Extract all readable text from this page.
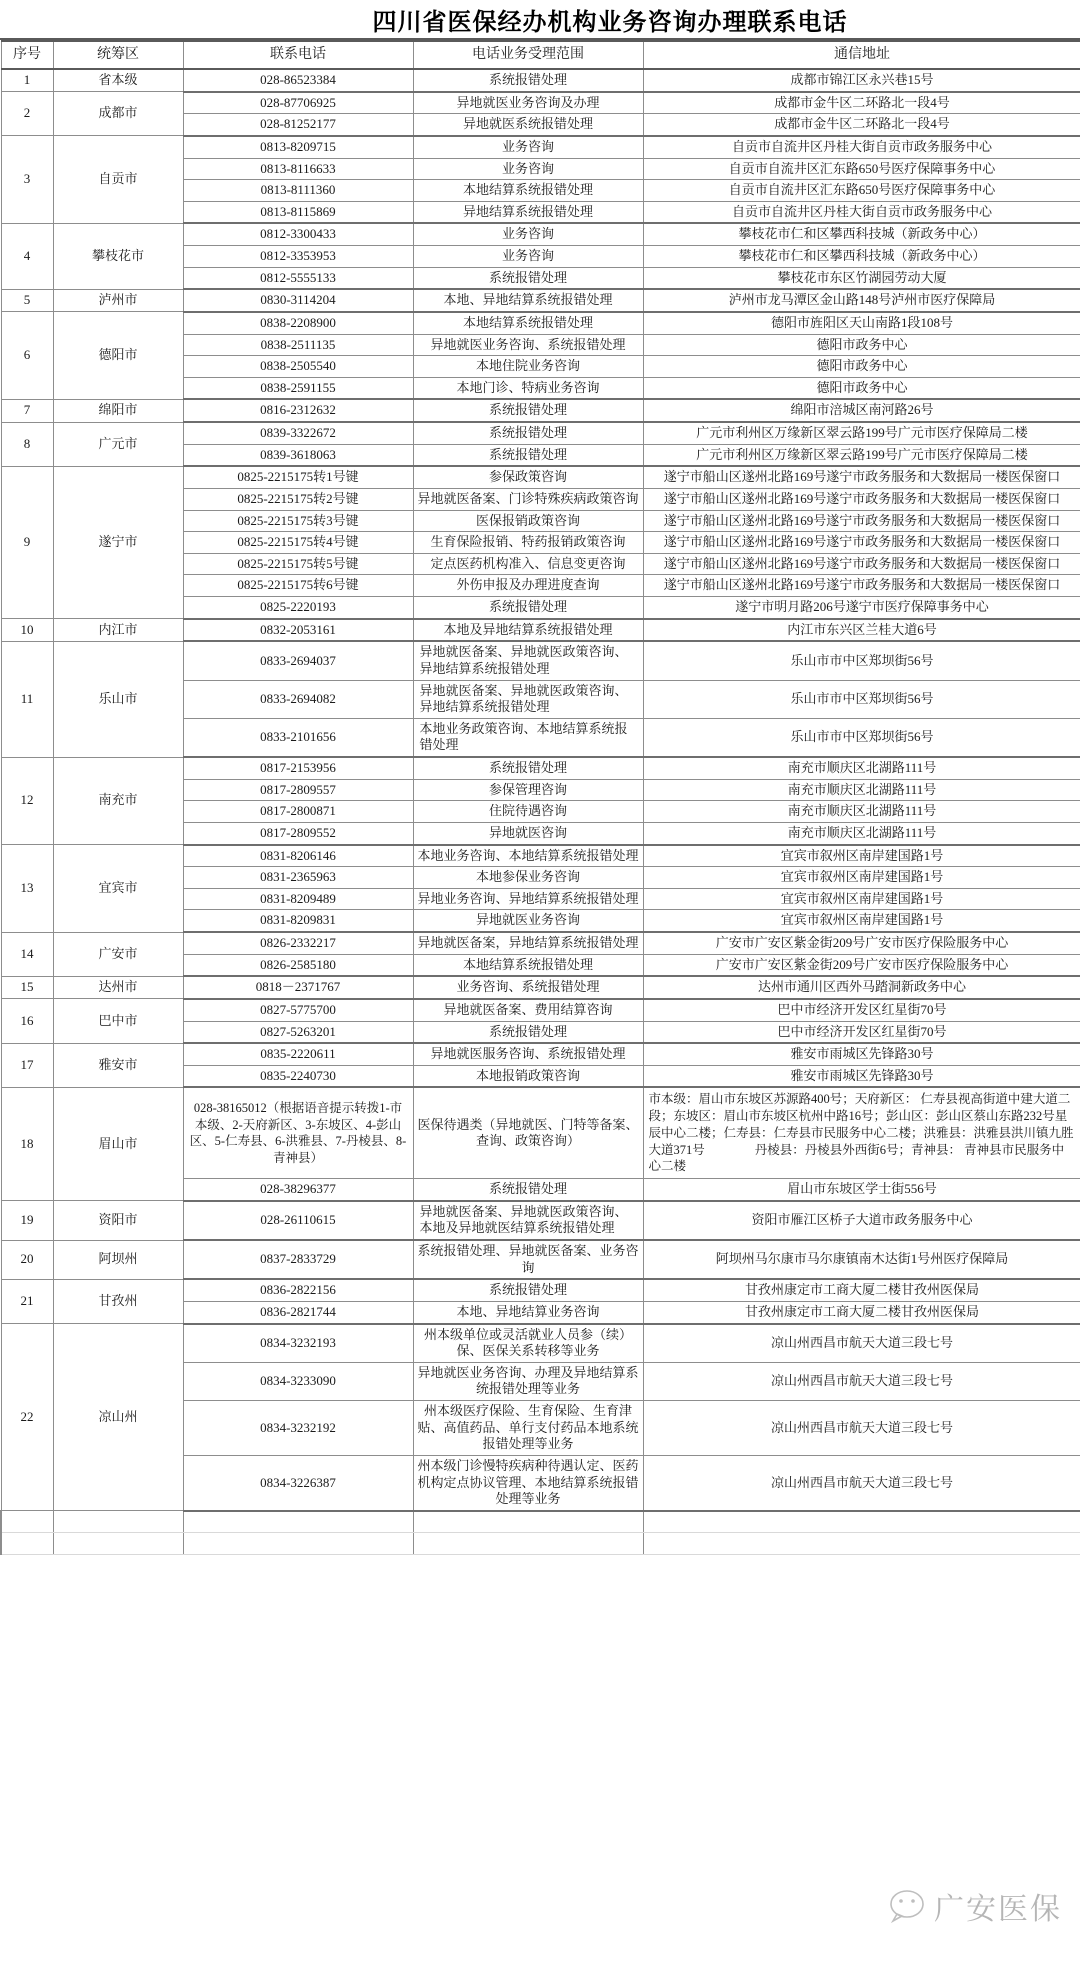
四川省医保经办机构业务咨询办理联系电话
序号	统筹区	联系电话	电话业务受理范围	通信地址
1	省本级	028-86523384	系统报错处理	成都市锦江区永兴巷15号
2	成都市	028-87706925	异地就医业务咨询及办理	成都市金牛区二环路北一段4号
		028-81252177	异地就医系统报错处理	成都市金牛区二环路北一段4号
3	自贡市	0813-8209715	业务咨询	自贡市自流井区丹桂大街自贡市政务服务中心
		0813-8116633	业务咨询	自贡市自流井区汇东路650号医疗保障事务中心
		0813-8111360	本地结算系统报错处理	自贡市自流井区汇东路650号医疗保障事务中心
		0813-8115869	异地结算系统报错处理	自贡市自流井区丹桂大街自贡市政务服务中心
4	攀枝花市	0812-3300433	业务咨询	攀枝花市仁和区攀西科技城（新政务中心）
		0812-3353953	业务咨询	攀枝花市仁和区攀西科技城（新政务中心）
		0812-5555133	系统报错处理	攀枝花市东区竹湖园劳动大厦
5	泸州市	0830-3114204	本地、异地结算系统报错处理	泸州市龙马潭区金山路148号泸州市医疗保障局
6	德阳市	0838-2208900	本地结算系统报错处理	德阳市旌阳区天山南路1段108号
		0838-2511135	异地就医业务咨询、系统报错处理	德阳市政务中心
		0838-2505540	本地住院业务咨询	德阳市政务中心
		0838-2591155	本地门诊、特病业务咨询	德阳市政务中心
7	绵阳市	0816-2312632	系统报错处理	绵阳市涪城区南河路26号
8	广元市	0839-3322672	系统报错处理	广元市利州区万缘新区翠云路199号广元市医疗保障局二楼
		0839-3618063	系统报错处理	广元市利州区万缘新区翠云路199号广元市医疗保障局二楼
9	遂宁市	0825-2215175转1号键	参保政策咨询	遂宁市船山区遂州北路169号遂宁市政务服务和大数据局一楼医保窗口
		0825-2215175转2号键	异地就医备案、门诊特殊疾病政策咨询	遂宁市船山区遂州北路169号遂宁市政务服务和大数据局一楼医保窗口
		0825-2215175转3号键	医保报销政策咨询	遂宁市船山区遂州北路169号遂宁市政务服务和大数据局一楼医保窗口
		0825-2215175转4号键	生育保险报销、特药报销政策咨询	遂宁市船山区遂州北路169号遂宁市政务服务和大数据局一楼医保窗口
		0825-2215175转5号键	定点医药机构准入、信息变更咨询	遂宁市船山区遂州北路169号遂宁市政务服务和大数据局一楼医保窗口
		0825-2215175转6号键	外伤申报及办理进度查询	遂宁市船山区遂州北路169号遂宁市政务服务和大数据局一楼医保窗口
		0825-2220193	系统报错处理	遂宁市明月路206号遂宁市医疗保障事务中心
10	内江市	0832-2053161	本地及异地结算系统报错处理	内江市东兴区兰桂大道6号
11	乐山市	0833-2694037	异地就医备案、异地就医政策咨询、异地结算系统报错处理	乐山市市中区郑坝街56号
		0833-2694082	异地就医备案、异地就医政策咨询、异地结算系统报错处理	乐山市市中区郑坝街56号
		0833-2101656	本地业务政策咨询、本地结算系统报错处理	乐山市市中区郑坝街56号
12	南充市	0817-2153956	系统报错处理	南充市顺庆区北湖路111号
		0817-2809557	参保管理咨询	南充市顺庆区北湖路111号
		0817-2800871	住院待遇咨询	南充市顺庆区北湖路111号
		0817-2809552	异地就医咨询	南充市顺庆区北湖路111号
13	宜宾市	0831-8206146	本地业务咨询、本地结算系统报错处理	宜宾市叙州区南岸建国路1号
		0831-2365963	本地参保业务咨询	宜宾市叙州区南岸建国路1号
		0831-8209489	异地业务咨询、异地结算系统报错处理	宜宾市叙州区南岸建国路1号
		0831-8209831	异地就医业务咨询	宜宾市叙州区南岸建国路1号
14	广安市	0826-2332217	异地就医备案，异地结算系统报错处理	广安市广安区紫金街209号广安市医疗保险服务中心
		0826-2585180	本地结算系统报错处理	广安市广安区紫金街209号广安市医疗保险服务中心
15	达州市	0818－2371767	业务咨询、系统报错处理	达州市通川区西外马踏洞新政务中心
16	巴中市	0827-5775700	异地就医备案、费用结算咨询	巴中市经济开发区红星街70号
		0827-5263201	系统报错处理	巴中市经济开发区红星街70号
17	雅安市	0835-2220611	异地就医服务咨询、系统报错处理	雅安市雨城区先锋路30号
		0835-2240730	本地报销政策咨询	雅安市雨城区先锋路30号
18	眉山市	028-38165012（根据语音提示转拨1-市本级、2-天府新区、3-东坡区、4-彭山区、5-仁寿县、6-洪雅县、7-丹棱县、8-青神县）	医保待遇类（异地就医、门特等备案、查询、政策咨询）	市本级：眉山市东坡区苏源路400号；天府新区： 仁寿县视高街道中建大道二段；东坡区：眉山市东坡区杭州中路16号；彭山区：彭山区蔡山东路232号星辰中心二楼；仁寿县：仁寿县市民服务中心二楼；洪雅县：洪雅县洪川镇九胜大道371号　　　　丹棱县：丹棱县外西街6号；青神县： 青神县市民服务中心二楼
		028-38296377	系统报错处理	眉山市东坡区学士街556号
19	资阳市	028-26110615	异地就医备案、异地就医政策咨询、本地及异地就医结算系统报错处理	资阳市雁江区桥子大道市政务服务中心
20	阿坝州	0837-2833729	系统报错处理、异地就医备案、业务咨询	阿坝州马尔康市马尔康镇南木达街1号州医疗保障局
21	甘孜州	0836-2822156	系统报错处理	甘孜州康定市工商大厦二楼甘孜州医保局
		0836-2821744	本地、异地结算业务咨询	甘孜州康定市工商大厦二楼甘孜州医保局
22	凉山州	0834-3232193	州本级单位或灵活就业人员参（续）保、医保关系转移等业务	凉山州西昌市航天大道三段七号
		0834-3233090	异地就医业务咨询、办理及异地结算系统报错处理等业务	凉山州西昌市航天大道三段七号
		0834-3232192	州本级医疗保险、生育保险、生育津贴、高值药品、单行支付药品本地系统报错处理等业务	凉山州西昌市航天大道三段七号
		0834-3226387	州本级门诊慢特疾病种待遇认定、医药机构定点协议管理、本地结算系统报错处理等业务	凉山州西昌市航天大道三段七号

广安医保
